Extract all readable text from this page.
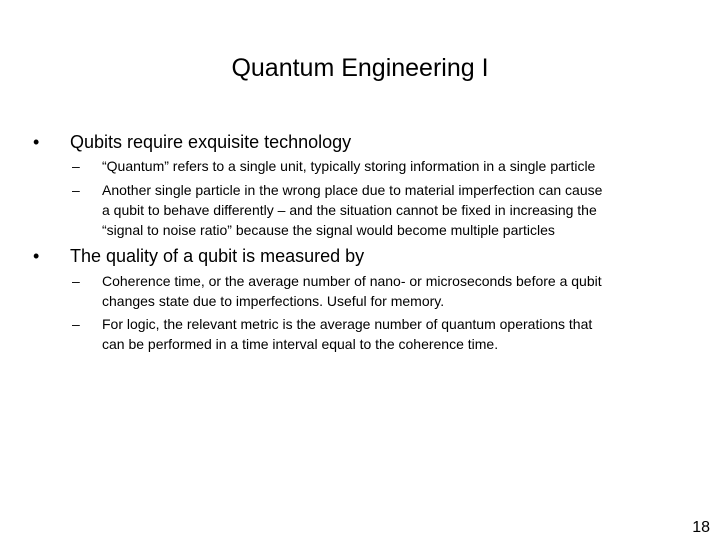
Quantum Engineering I
• Qubits require exquisite technology
– “Quantum” refers to a single unit, typically storing information in a single particle
– Another single particle in the wrong place due to material imperfection can cause
a qubit to behave differently – and the situation cannot be fixed in increasing the
“signal to noise ratio” because the signal would become multiple particles
• The quality of a qubit is measured by
– Coherence time, or the average number of nano- or microseconds before a qubit
changes state due to imperfections. Useful for memory.
– For logic, the relevant metric is the average number of quantum operations that
can be performed in a time interval equal to the coherence time.
18
